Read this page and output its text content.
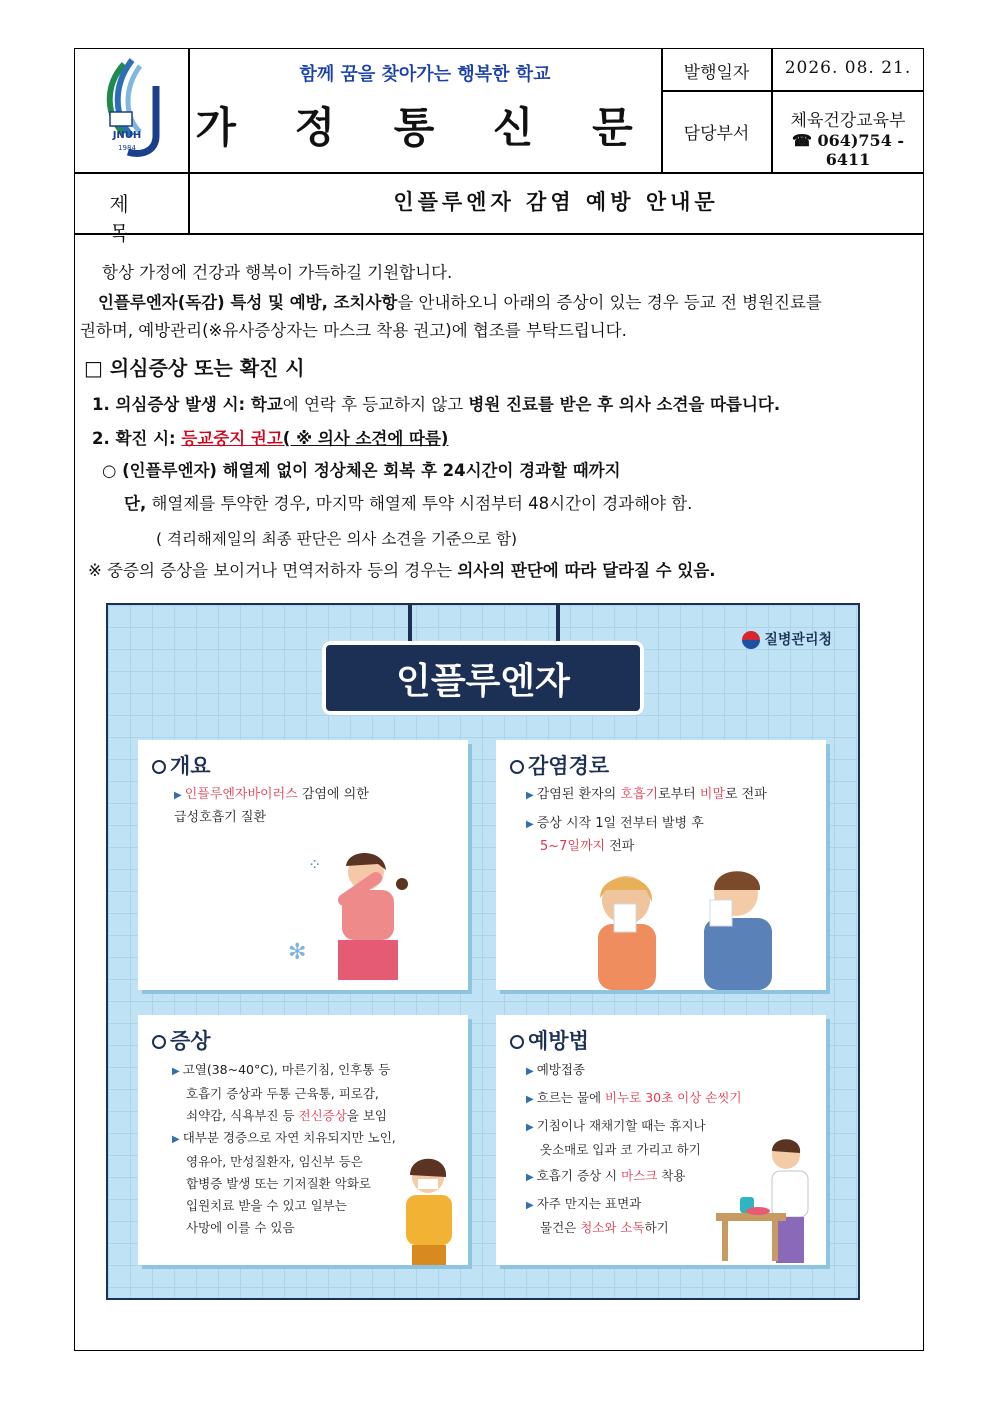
JNUH
1984
함께 꿈을 찾아가는 행복한 학교
가 정 통 신 문
발행일자	2026. 08. 21.
담당부서
체육건강교육부
☎ 064)754 - 6411
제 목
인플루엔자 감염 예방 안내문
항상 가정에 건강과 행복이 가득하길 기원합니다.
인플루엔자(독감) 특성 및 예방, 조치사항을 안내하오니 아래의 증상이 있는 경우 등교 전 병원진료를
권하며, 예방관리(※유사증상자는 마스크 착용 권고)에 협조를 부탁드립니다.
□ 의심증상 또는 확진 시
1. 의심증상 발생 시: 학교에 연락 후 등교하지 않고 병원 진료를 받은 후 의사 소견을 따릅니다.
2. 확진 시: 등교중지 권고( ※ 의사 소견에 따름)
○ (인플루엔자) 해열제 없이 정상체온 회복 후 24시간이 경과할 때까지
단, 해열제를 투약한 경우, 마지막 해열제 투약 시점부터 48시간이 경과해야 함.
( 격리해제일의 최종 판단은 의사 소견을 기준으로 함)
※ 중증의 증상을 보이거나 면역저하자 등의 경우는 의사의 판단에 따라 달라질 수 있음.
질병관리청
인플루엔자
개요
▶ 인플루엔자바이러스 감염에 의한
급성호흡기 질환
⁘
✻
감염경로
▶ 감염된 환자의 호흡기로부터 비말로 전파
▶ 증상 시작 1일 전부터 발병 후
5~7일까지 전파
증상
▶ 고열(38~40°C), 마른기침, 인후통 등
호흡기 증상과 두통 근육통, 피로감,
쇠약감, 식욕부진 등 전신증상을 보임
▶ 대부분 경증으로 자연 치유되지만 노인,
영유아, 만성질환자, 임신부 등은
합병증 발생 또는 기저질환 악화로
입원치료 받을 수 있고 일부는
사망에 이를 수 있음
예방법
▶ 예방접종
▶ 흐르는 물에 비누로 30초 이상 손씻기
▶ 기침이나 재채기할 때는 휴지나
옷소매로 입과 코 가리고 하기
▶ 호흡기 증상 시 마스크 착용
▶ 자주 만지는 표면과
물건은 청소와 소독하기
